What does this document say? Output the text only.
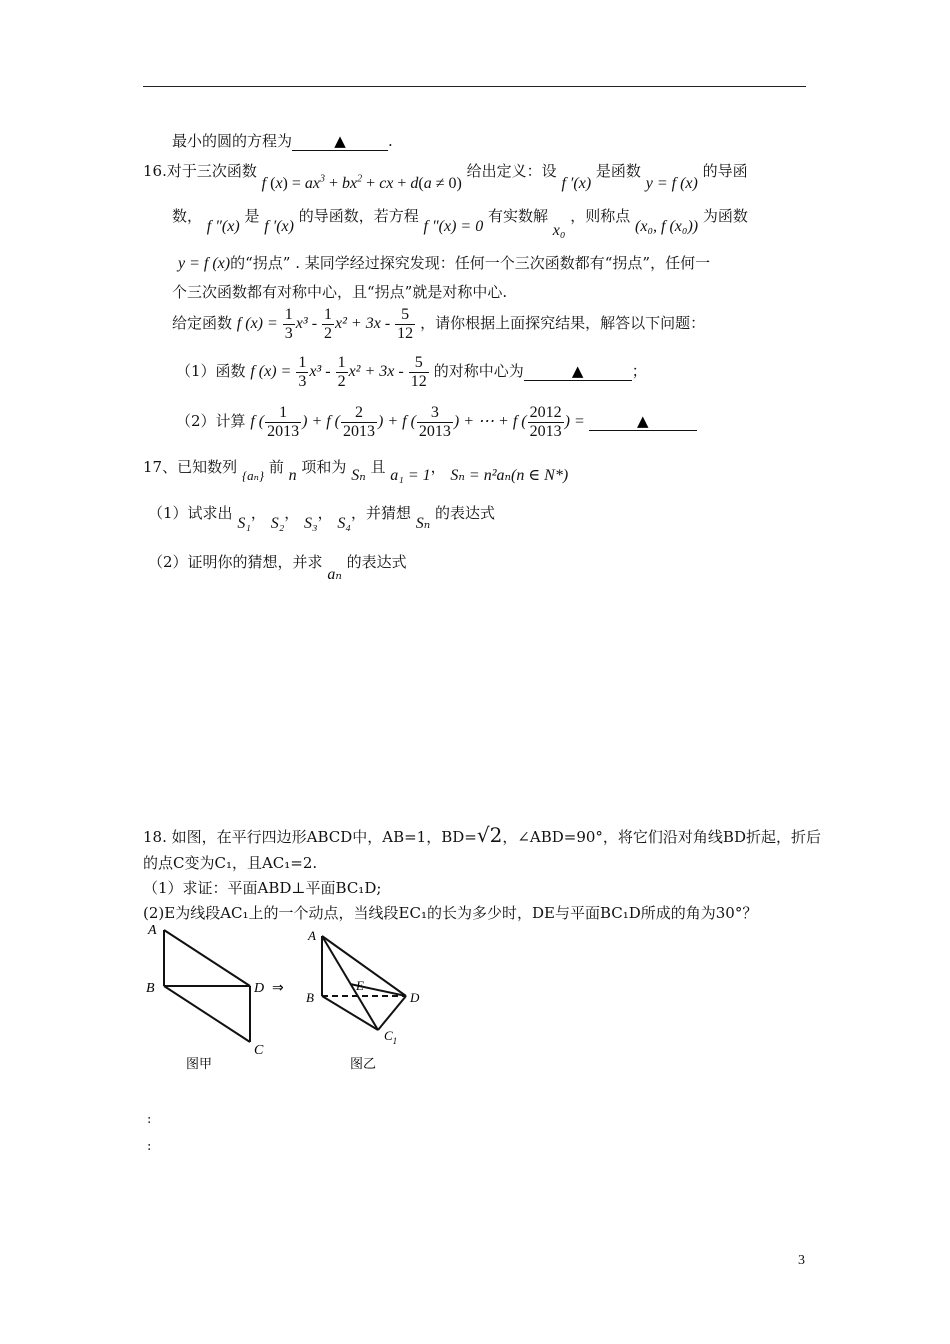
最小的圆的方程为	▲	.
16.对于三次函数 f $(x) = ax^3 + bx^2$ + cx + d(a ≠ 0) 给出定义：设 f ′(x) 是函数 y = f (x) 的导函
数， f ″(x) 是 f ′(x) 的导函数，若方程 f ″(x) = 0 有实数解 x₀ ，则称点 (x₀, f (x₀)) 为函数
y = f (x)的“拐点” . 某同学经过探究发现：任何一个三次函数都有“拐点”，任何一
个三次函数都有对称中心，且“拐点”就是对称中心.
给定函数 f $(x) = \frac{1}{3} x^3 - \frac{1}{2} x^2 + 3x - \frac{5}{12}$ ，请你根据上面探究结果，解答以下问题：
（1）函数 f $(x) = \frac{1}{3} x^3 - \frac{1}{2} x^2 + 3x - \frac{5}{12}$ 的对称中心为	▲	；
（2）计算 f ( $\frac{1}{2013}$ ) + f ( $\frac{2}{2013}$ ) + f ( $\frac{3}{2013}$ ) + ⋯ + f ( $\frac{2012}{2013}$ ) =	▲
17、已知数列 {aₙ} 前 n 项和为 Sₙ 且 a₁ = 1， Sₙ = n²aₙ(n ∈ N*)
（1）试求出 S₁， S₂， S₃， S₄，并猜想 Sₙ 的表达式
（2）证明你的猜想，并求 aₙ 的表达式
18. 如图，在平行四边形ABCD中，AB=1，BD=√2，∠ABD=90°，将它们沿对角线BD折起，折后
的点C变为C₁，且AC₁=2.
（1）求证：平面ABD⊥平面BC₁D;
(2)E为线段AC₁上的一个动点，当线段EC₁的长为多少时，DE与平面BC₁D所成的角为30°？
A
B	D ⇒
C
图甲
A
B
E
D
$C_1$
图乙
:
:
3
